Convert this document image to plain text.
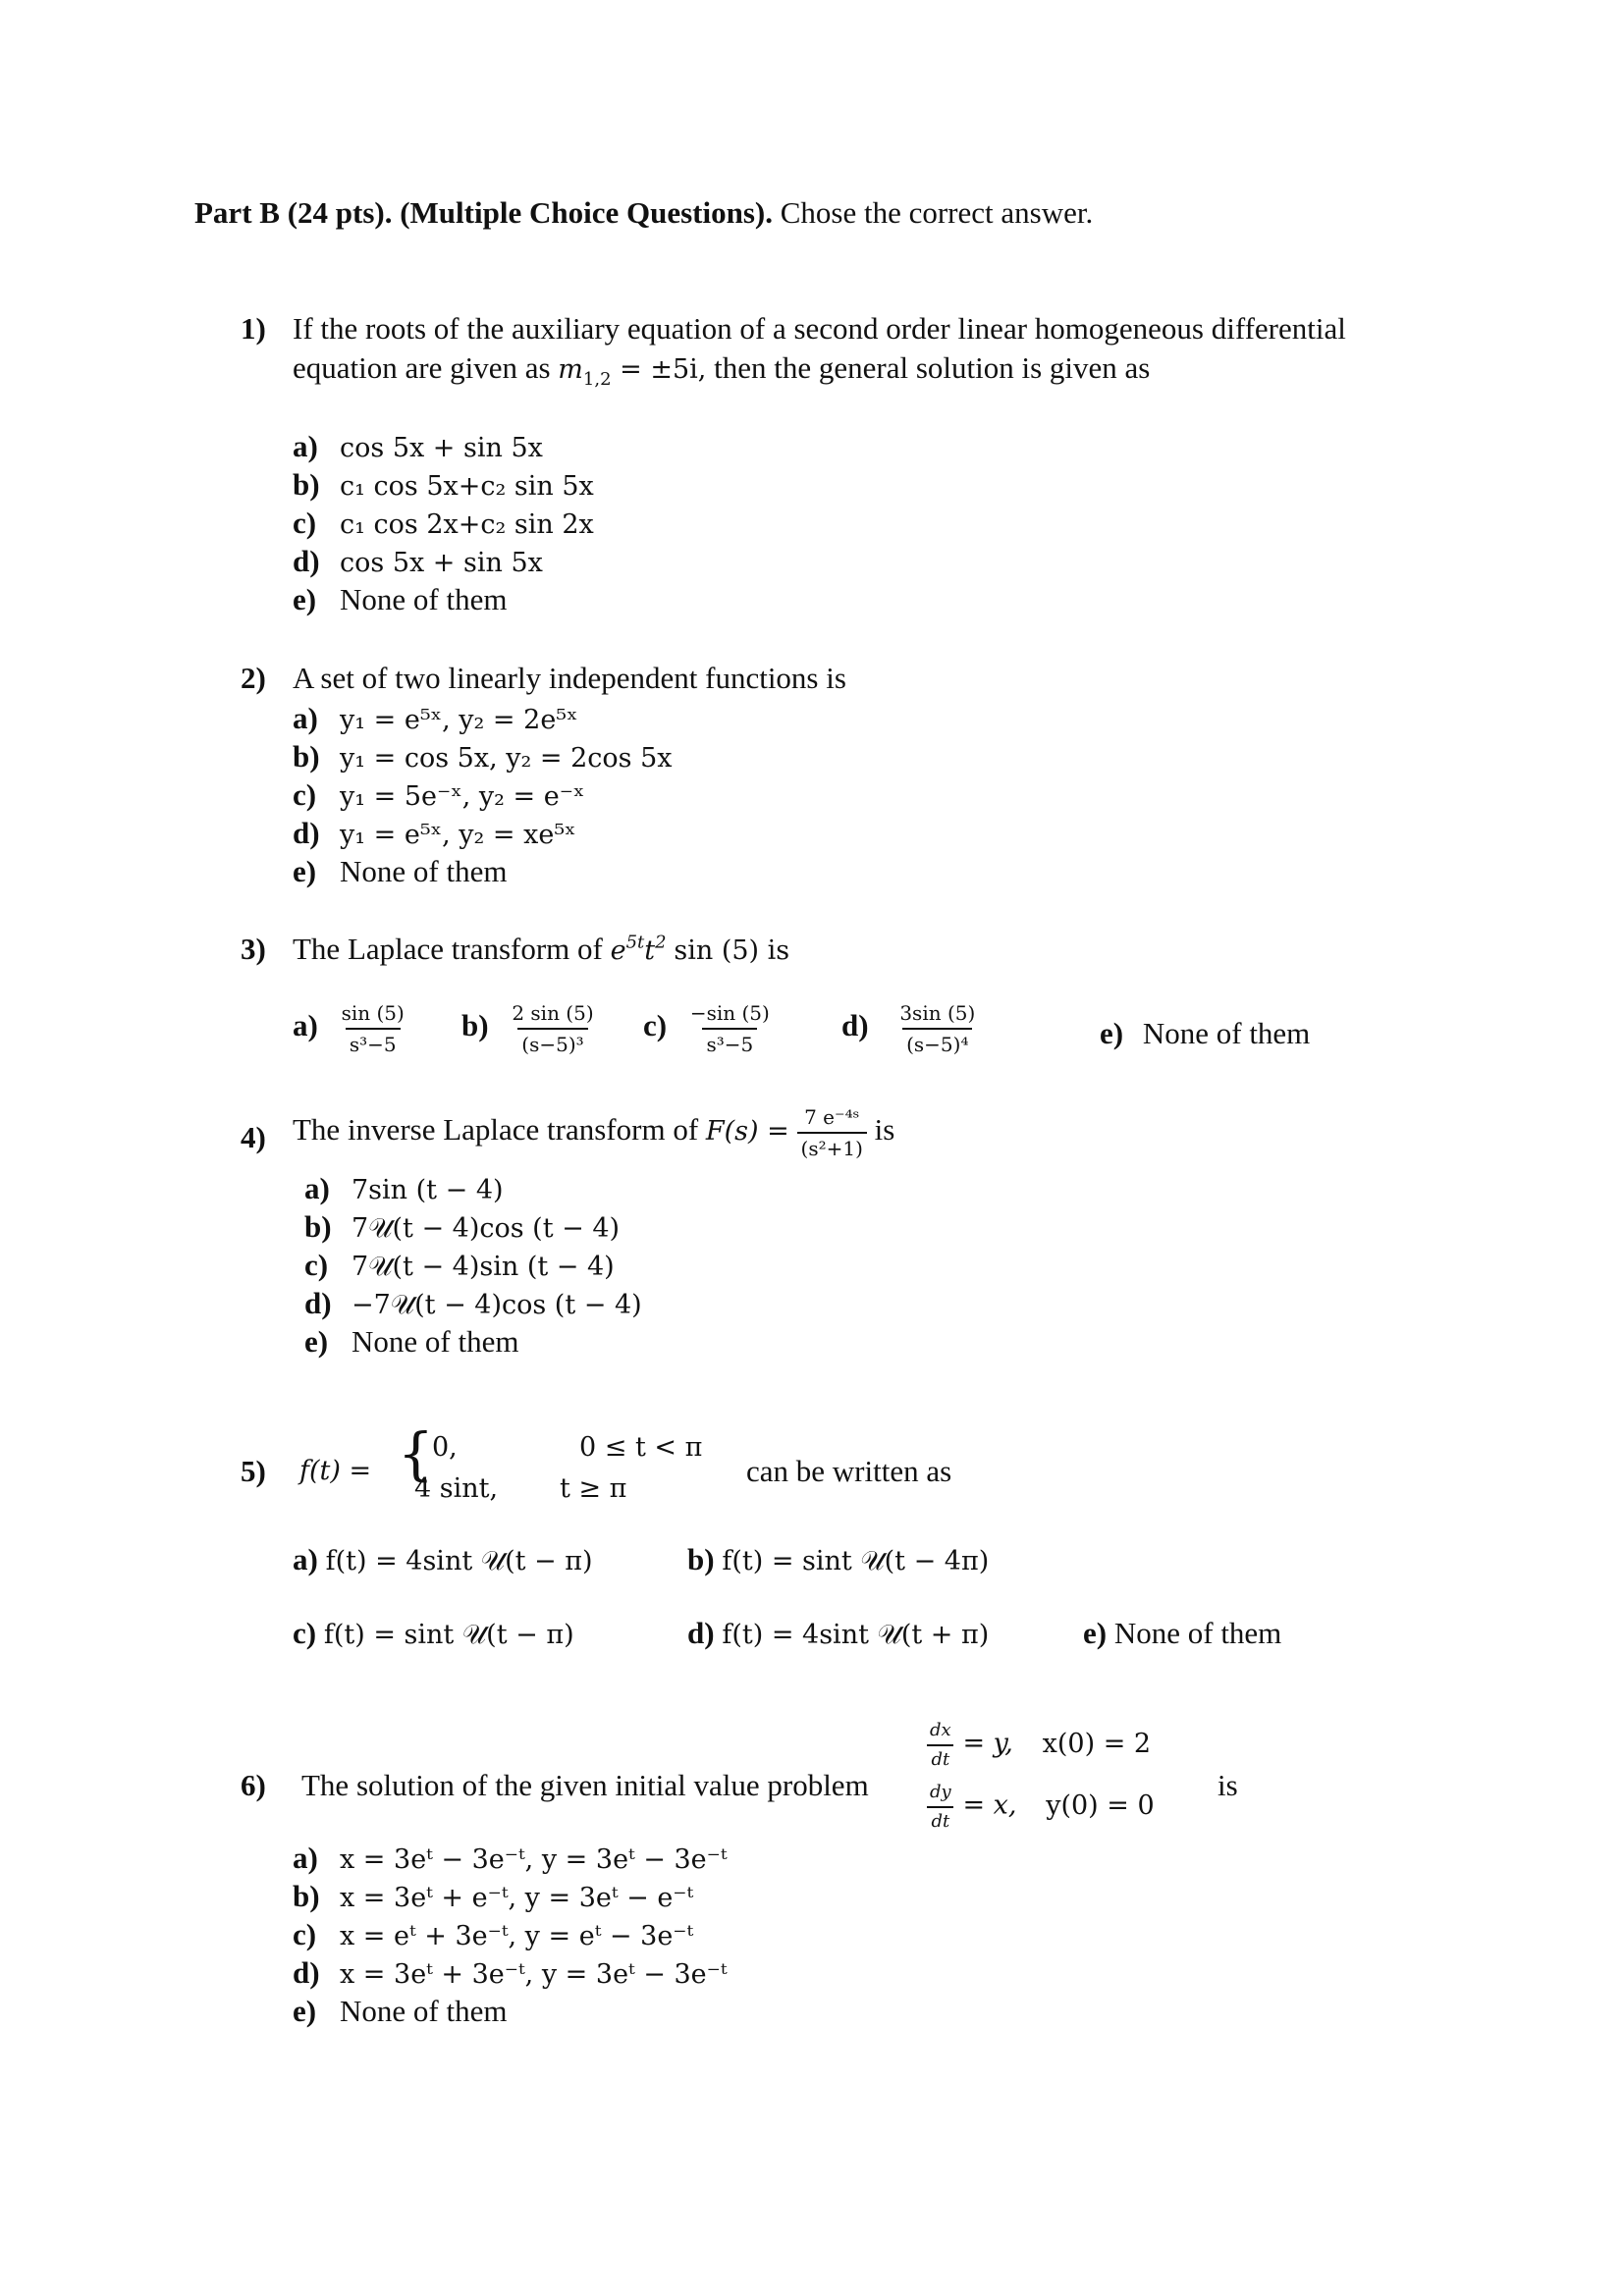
Part B (24 pts). (Multiple Choice Questions). Chose the correct answer.
1) If the roots of the auxiliary equation of a second order linear homogeneous differential
equation are given as $m_{1,2} = \pm 5i$, then the general solution is given as
a) cos 5x + sin 5x
b) c₁ cos 5x+c₂ sin 5x
c) c₁ cos 2x+c₂ sin 2x
d) cos 5x + sin 5x
e) None of them
2) A set of two linearly independent functions is
a) y₁ = e⁵ˣ, y₂ = 2e⁵ˣ
b) y₁ = cos 5x, y₂ = 2cos 5x
c) y₁ = 5e⁻ˣ, y₂ = e⁻ˣ
d) y₁ = e⁵ˣ, y₂ = xe⁵ˣ
e) None of them
3) The Laplace transform of $e^{5t}t^2$ sin (5) is
$a) \frac{\sin (5)}{\text{s³−5}} b) \frac{2 \sin (5)}{\text{(s−5)³}} c) \frac{-\sin (5)}{\text{s³−5}} d) \frac{3\sin (5)}{\text{(s−5)⁴}}$	e) None of them
4) The inverse Laplace transform of $F(s) = \frac{\text{7 e⁻⁴ˢ}}{\text{(s²+1)}}$ is
a) 7sin (t − 4)
b) 7𝒰(t − 4)cos (t − 4)
c) 7𝒰(t − 4)sin (t − 4)
d) −7𝒰(t − 4)cos (t − 4)
e) None of them
5) f(t) = {
0,	0 ≤ t < π
4 sint, t ≥ π
can be written as
a) f(t) = 4sint 𝒰(t − π)	b) f(t) = sint 𝒰(t − 4π)
c) f(t) = sint 𝒰(t − π)	d) f(t) = 4sint 𝒰(t + π)	e) None of them
6) The solution of the given initial value problem
$\frac{dx}{dt} = y$, x(0) = 2
$\frac{dy}{dt} = x$, y(0) = 0
is
a) x = 3eᵗ − 3e⁻ᵗ, y = 3eᵗ − 3e⁻ᵗ
b) x = 3eᵗ + e⁻ᵗ, y = 3eᵗ − e⁻ᵗ
c) x = eᵗ + 3e⁻ᵗ, y = eᵗ − 3e⁻ᵗ
d) x = 3eᵗ + 3e⁻ᵗ, y = 3eᵗ − 3e⁻ᵗ
e) None of them
